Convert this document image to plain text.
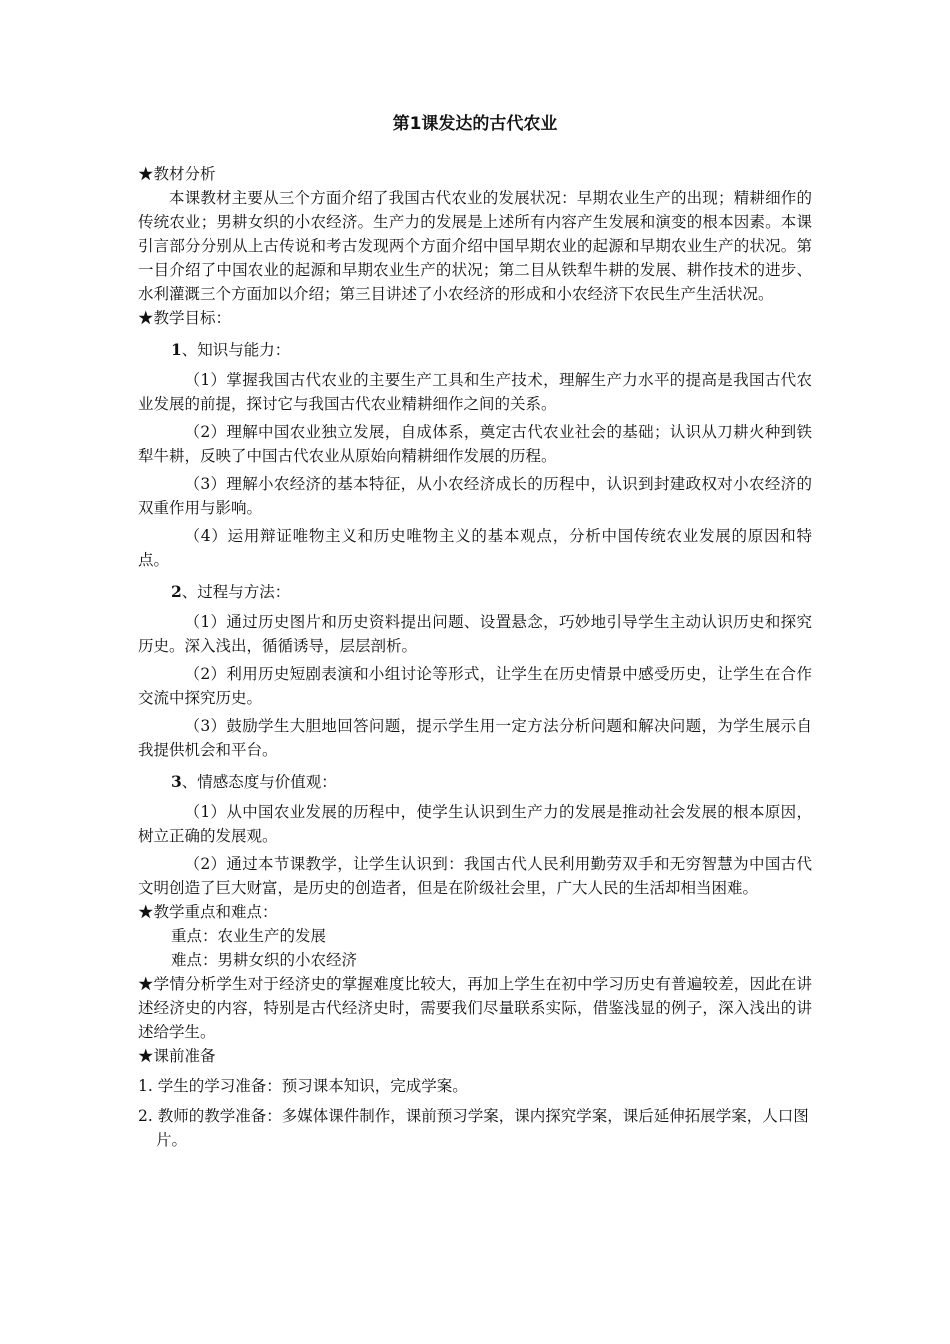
第1课发达的古代农业

★教材分析

本课教材主要从三个方面介绍了我国古代农业的发展状况：早期农业生产的出现；精耕细作的传统农业；男耕女织的小农经济。生产力的发展是上述所有内容产生发展和演变的根本因素。本课引言部分分别从上古传说和考古发现两个方面介绍中国早期农业的起源和早期农业生产的状况。第一目介绍了中国农业的起源和早期农业生产的状况；第二目从铁犁牛耕的发展、耕作技术的进步、水利灌溉三个方面加以介绍；第三目讲述了小农经济的形成和小农经济下农民生产生活状况。

★教学目标：

1、知识与能力：

（1）掌握我国古代农业的主要生产工具和生产技术，理解生产力水平的提高是我国古代农业发展的前提，探讨它与我国古代农业精耕细作之间的关系。

（2）理解中国农业独立发展，自成体系，奠定古代农业社会的基础；认识从刀耕火种到铁犁牛耕，反映了中国古代农业从原始向精耕细作发展的历程。

（3）理解小农经济的基本特征，从小农经济成长的历程中，认识到封建政权对小农经济的双重作用与影响。

（4）运用辩证唯物主义和历史唯物主义的基本观点，分析中国传统农业发展的原因和特点。

2、过程与方法：

（1）通过历史图片和历史资料提出问题、设置悬念，巧妙地引导学生主动认识历史和探究历史。深入浅出，循循诱导，层层剖析。

（2）利用历史短剧表演和小组讨论等形式，让学生在历史情景中感受历史，让学生在合作交流中探究历史。

（3）鼓励学生大胆地回答问题，提示学生用一定方法分析问题和解决问题，为学生展示自我提供机会和平台。

3、情感态度与价值观：

（1）从中国农业发展的历程中，使学生认识到生产力的发展是推动社会发展的根本原因，树立正确的发展观。

（2）通过本节课教学，让学生认识到：我国古代人民利用勤劳双手和无穷智慧为中国古代文明创造了巨大财富，是历史的创造者，但是在阶级社会里，广大人民的生活却相当困难。

★教学重点和难点：

重点：农业生产的发展

难点：男耕女织的小农经济

★学情分析学生对于经济史的掌握难度比较大，再加上学生在初中学习历史有普遍较差，因此在讲述经济史的内容，特别是古代经济史时，需要我们尽量联系实际，借鉴浅显的例子，深入浅出的讲述给学生。

★课前准备

1. 学生的学习准备：预习课本知识，完成学案。

2. 教师的教学准备：多媒体课件制作，课前预习学案，课内探究学案，课后延伸拓展学案，人口图片。
